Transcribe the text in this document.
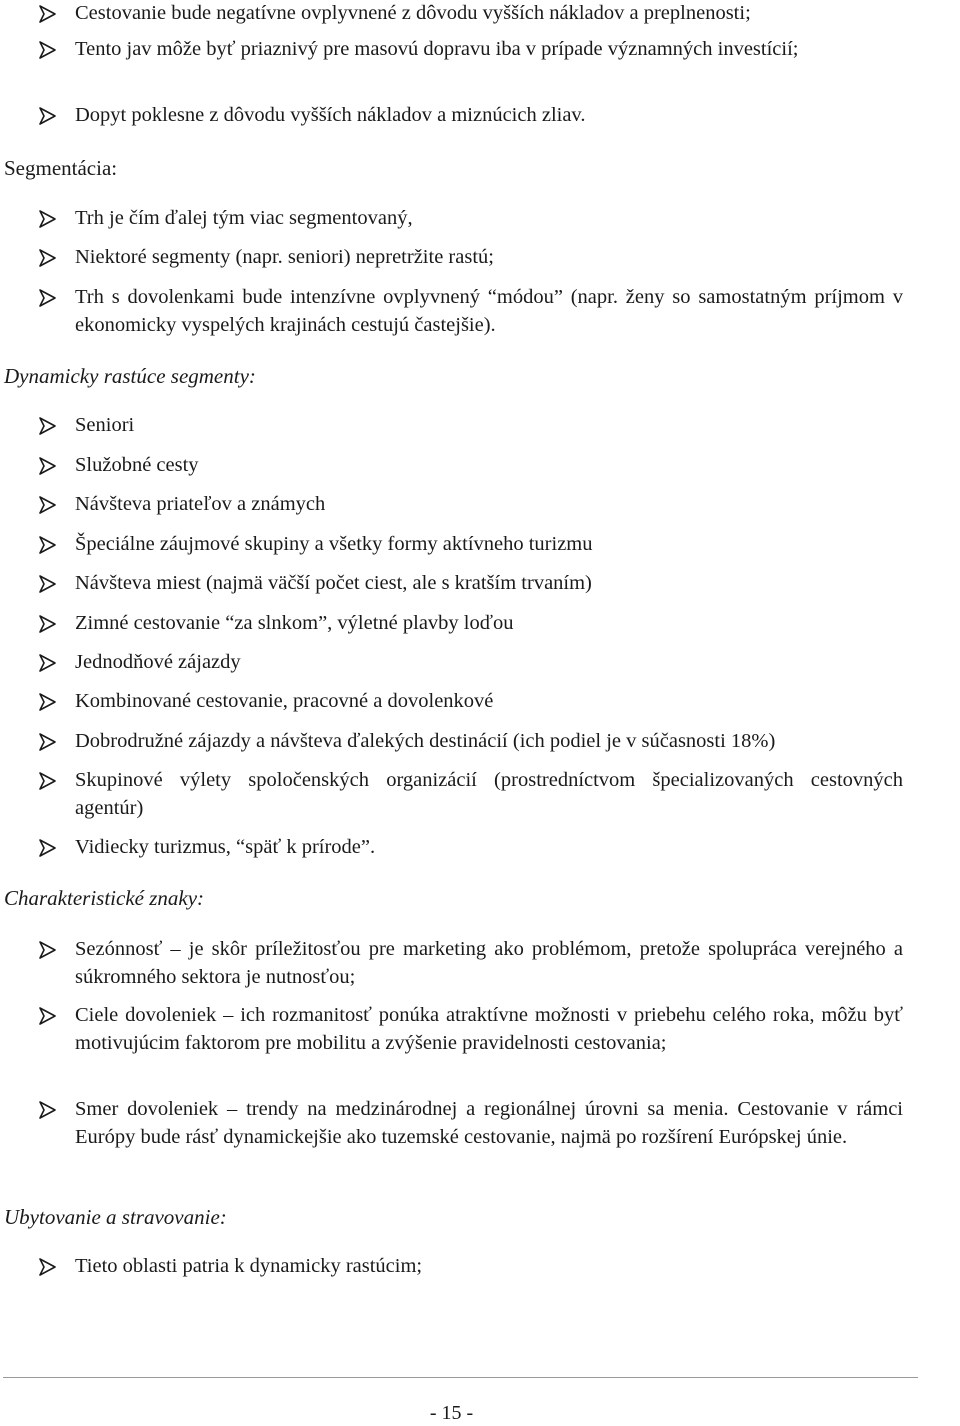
Cestovanie bude negatívne ovplyvnené z dôvodu vyšších nákladov a preplnenosti;
Tento jav môže byť priaznivý pre masovú dopravu iba v prípade významných investícií;
Dopyt poklesne z dôvodu vyšších nákladov a miznúcich zliav.
Segmentácia:
Trh je čím ďalej tým viac segmentovaný,
Niektoré segmenty (napr. seniori) nepretržite rastú;
Trh s dovolenkami bude intenzívne ovplyvnený “módou” (napr. ženy so samostatným príjmom v ekonomicky vyspelých krajinách cestujú častejšie).
Dynamicky rastúce segmenty:
Seniori
Služobné cesty
Návšteva priateľov a známych
Špeciálne záujmové skupiny a všetky formy aktívneho turizmu
Návšteva miest (najmä väčší počet ciest, ale s kratším trvaním)
Zimné cestovanie “za slnkom”, výletné plavby loďou
Jednodňové zájazdy
Kombinované cestovanie, pracovné a dovolenkové
Dobrodružné zájazdy a návšteva ďalekých destinácií (ich podiel je v súčasnosti 18%)
Skupinové výlety spoločenských organizácií (prostredníctvom špecializovaných cestovných agentúr)
Vidiecky turizmus, “späť k prírode”.
Charakteristické znaky:
Sezónnosť – je skôr príležitosťou pre marketing ako problémom, pretože spolupráca verejného a súkromného sektora je nutnosťou;
Ciele dovoleniek – ich rozmanitosť ponúka atraktívne možnosti v priebehu celého roka, môžu byť motivujúcim faktorom pre mobilitu a zvýšenie pravidelnosti cestovania;
Smer dovoleniek – trendy na medzinárodnej a regionálnej úrovni sa menia. Cestovanie v rámci Európy bude rásť dynamickejšie ako tuzemské cestovanie, najmä po rozšírení Európskej únie.
Ubytovanie a stravovanie:
Tieto oblasti patria k dynamicky rastúcim;
- 15 -
